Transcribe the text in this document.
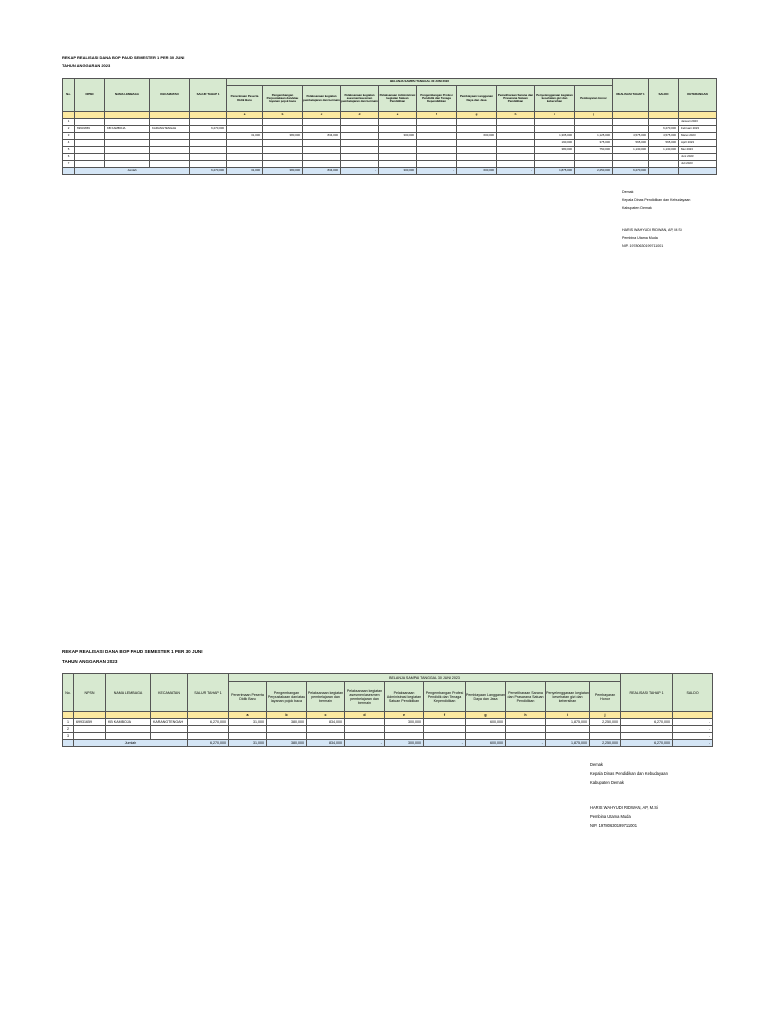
REKAP REALISASI DANA BOP PAUD SEMESTER 1 PER 30 JUNI
TAHUN ANGGARAN 2023
No.	NPSN	NAMA LEMBAGA	KECAMATAN	SALUR TAHAP 1	BELANJA SAMPAI TANGGAL 30 JUNI 2023										REALISASI TAHAP 1	SALDO	KETERANGAN
					Penerimaan Peserta Didik Baru	Pengembangan Perpustakaan dan/atau layanan pojok baca	Pelaksanaan kegiatan pembelajaran dan bermain	Pelaksanaan kegiatan asesmen/asesmen pembelajaran dan bermain	Pelaksanaan Administrasi kegiatan Satuan Pendidikan	Pengembangan Profesi Pendidik dan Tenaga Kependidikan	Pembiayaan Langganan Daya dan Jasa	Pemeliharaan Sarana dan Prasarana Satuan Pendidikan	Penyelenggaraan kegiatan kesehatan gizi dan kebersihan	Pembayaran Honor			
					a	b	c	d	e	f	g	h	i	j			
1																	Januari 2023
2	69931659	KB KAMBOJA	KARANGTENGAH	6,270,000												6,270,000	Februari 2023
3					31,000	380,000	834,000		300,000		600,000		1,305,000	1,125,000	4,575,000	4,575,000	Maret 2023
4													190,000	375,000	565,000	565,000	April 2023
5													380,000	750,000	1,130,000	1,130,000	Mei 2023
6																	Juni 2023
7																	Juli 2023
	Jumlah			6,270,000	31,000	380,000	834,000	-	300,000	-	600,000	-	1,875,000	2,250,000	6,270,000		
Demak
Kepala Dinas Pendidikan dan Kebudayaan
Kabupaten Demak
HARIS WAHYUDI RIDWAN, AP, M.Si
Pembina Utama Muda
NIP. 19780630199711001
REKAP REALISASI DANA BOP PAUD SEMESTER 1 PER 30 JUNI
TAHUN ANGGARAN 2023
No.	NPSN	NAMA LEMBAGA	KECAMATAN	SALUR TAHAP 1	BELANJA SAMPAI TANGGAL 30 JUNI 2023										REALISASI TAHAP 1	SALDO
					Penerimaan Peserta Didik Baru	Pengembangan Perpustakaan dan/atau layanan pojok baca	Pelaksanaan kegiatan pembelajaran dan bermain	Pelaksanaan kegiatan asesmen/asesmen pembelajaran dan bermain	Pelaksanaan Administrasi kegiatan Satuan Pendidikan	Pengembangan Profesi Pendidik dan Tenaga Kependidikan	Pembiayaan Langganan Daya dan Jasa	Pemeliharaan Sarana dan Prasarana Satuan Pendidikan	Penyelenggaraan kegiatan kesehatan gizi dan kebersihan	Pembayaran Honor		
					a	b	c	d	e	f	g	h	i	j		
1	69931659	KB KAMBOJA	KARANGTENGAH	6,270,000	31,000	380,000	834,000		300,000		600,000		1,875,000	2,250,000	6,270,000	-
2																-
3																-
	Jumlah			6,270,000	31,000	380,000	834,000	-	300,000	-	600,000	-	1,875,000	2,250,000	6,270,000	-
Demak
Kepala Dinas Pendidikan dan Kebudayaan
Kabupaten Demak
HARIS WAHYUDI RIDWAN, AP, M.Si
Pembina Utama Muda
NIP. 19780630199711001
